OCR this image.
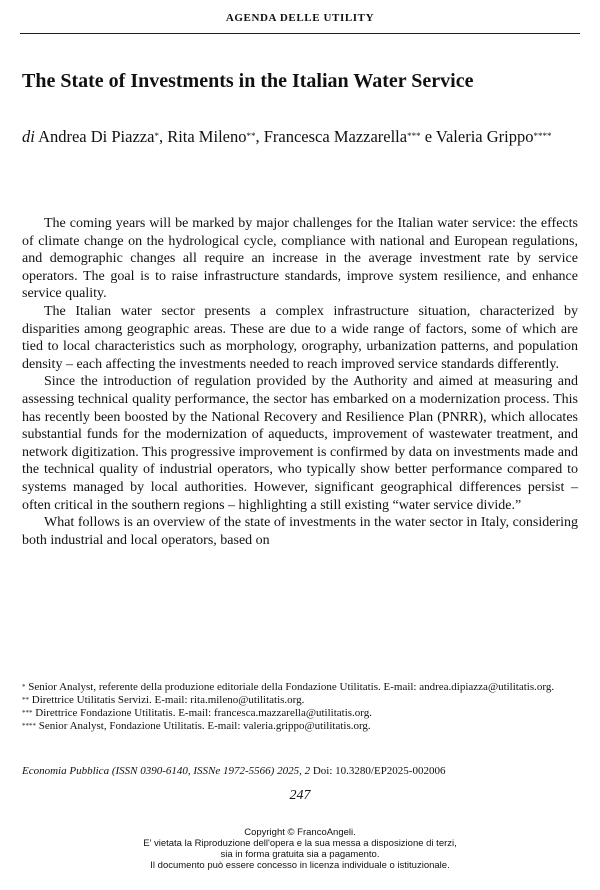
AGENDA DELLE UTILITY
The State of Investments in the Italian Water Service
di Andrea Di Piazza*, Rita Mileno**, Francesca Mazzarella*** e Valeria Grippo****

The coming years will be marked by major challenges for the Italian water service: the effects of climate change on the hydrological cycle, compliance with national and European regulations, and demographic changes all require an increase in the average investment rate by service operators. The goal is to raise infrastructure standards, improve system resilience, and enhance service quality.

The Italian water sector presents a complex infrastructure situation, characterized by disparities among geographic areas. These are due to a wide range of factors, some of which are tied to local characteristics such as morphology, orography, urbanization patterns, and population density – each affecting the investments needed to reach improved service standards differently.

Since the introduction of regulation provided by the Authority and aimed at measuring and assessing technical quality performance, the sector has embarked on a modernization process. This has recently been boosted by the National Recovery and Resilience Plan (PNRR), which allocates substantial funds for the modernization of aqueducts, improvement of wastewater treatment, and network digitization. This progressive improvement is confirmed by data on investments made and the technical quality of industrial operators, who typically show better performance compared to systems managed by local authorities. However, significant geographical differences persist – often critical in the southern regions – highlighting a still existing “water service divide.”

What follows is an overview of the state of investments in the water sector in Italy, considering both industrial and local operators, based on

* Senior Analyst, referente della produzione editoriale della Fondazione Utilitatis. E-mail: andrea.dipiazza@utilitatis.org.

** Direttrice Utilitatis Servizi. E-mail: rita.mileno@utilitatis.org.

*** Direttrice Fondazione Utilitatis. E-mail: francesca.mazzarella@utilitatis.org.

**** Senior Analyst, Fondazione Utilitatis. E-mail: valeria.grippo@utilitatis.org.

Economia Pubblica (ISSN 0390-6140, ISSNe 1972-5566) 2025, 2 Doi: 10.3280/EP2025-002006
247
Copyright © FrancoAngeli.
E’ vietata la Riproduzione dell'opera e la sua messa a disposizione di terzi,
sia in forma gratuita sia a pagamento.
Il documento può essere concesso in licenza individuale o istituzionale.
